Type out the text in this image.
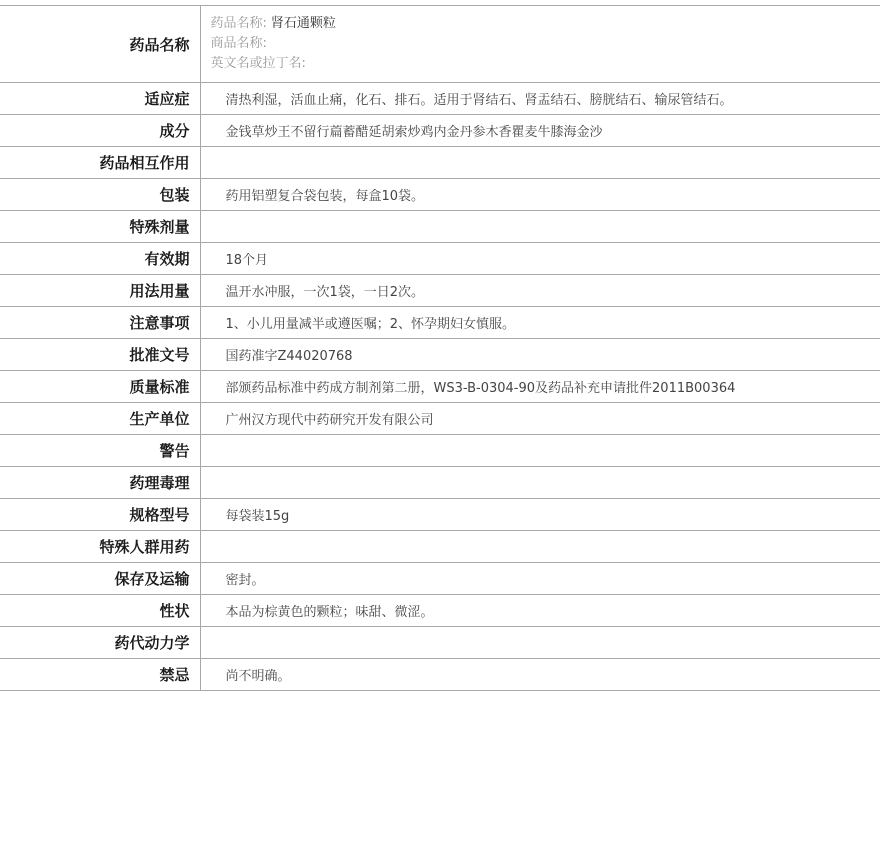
药品名称	药品名称: 肾石通颗粒
商品名称:
英文名或拉丁名:

适应症	清热利湿，活血止痛，化石、排石。适用于肾结石、肾盂结石、膀胱结石、输尿管结石。
成分	金钱草炒王不留行萹蓄醋延胡索炒鸡内金丹参木香瞿麦牛膝海金沙
药品相互作用	
包装	药用铝塑复合袋包装，每盒10袋。
特殊剂量	
有效期	18个月
用法用量	温开水冲服，一次1袋，一日2次。
注意事项	1、小儿用量减半或遵医嘱；2、怀孕期妇女慎服。
批准文号	国药准字Z44020768
质量标准	部颁药品标准中药成方制剂第二册，WS3-B-0304-90及药品补充申请批件2011B00364
生产单位	广州汉方现代中药研究开发有限公司
警告	
药理毒理	
规格型号	每袋装15g
特殊人群用药	
保存及运输	密封。
性状	本品为棕黄色的颗粒；味甜、微涩。
药代动力学	
禁忌	尚不明确。
